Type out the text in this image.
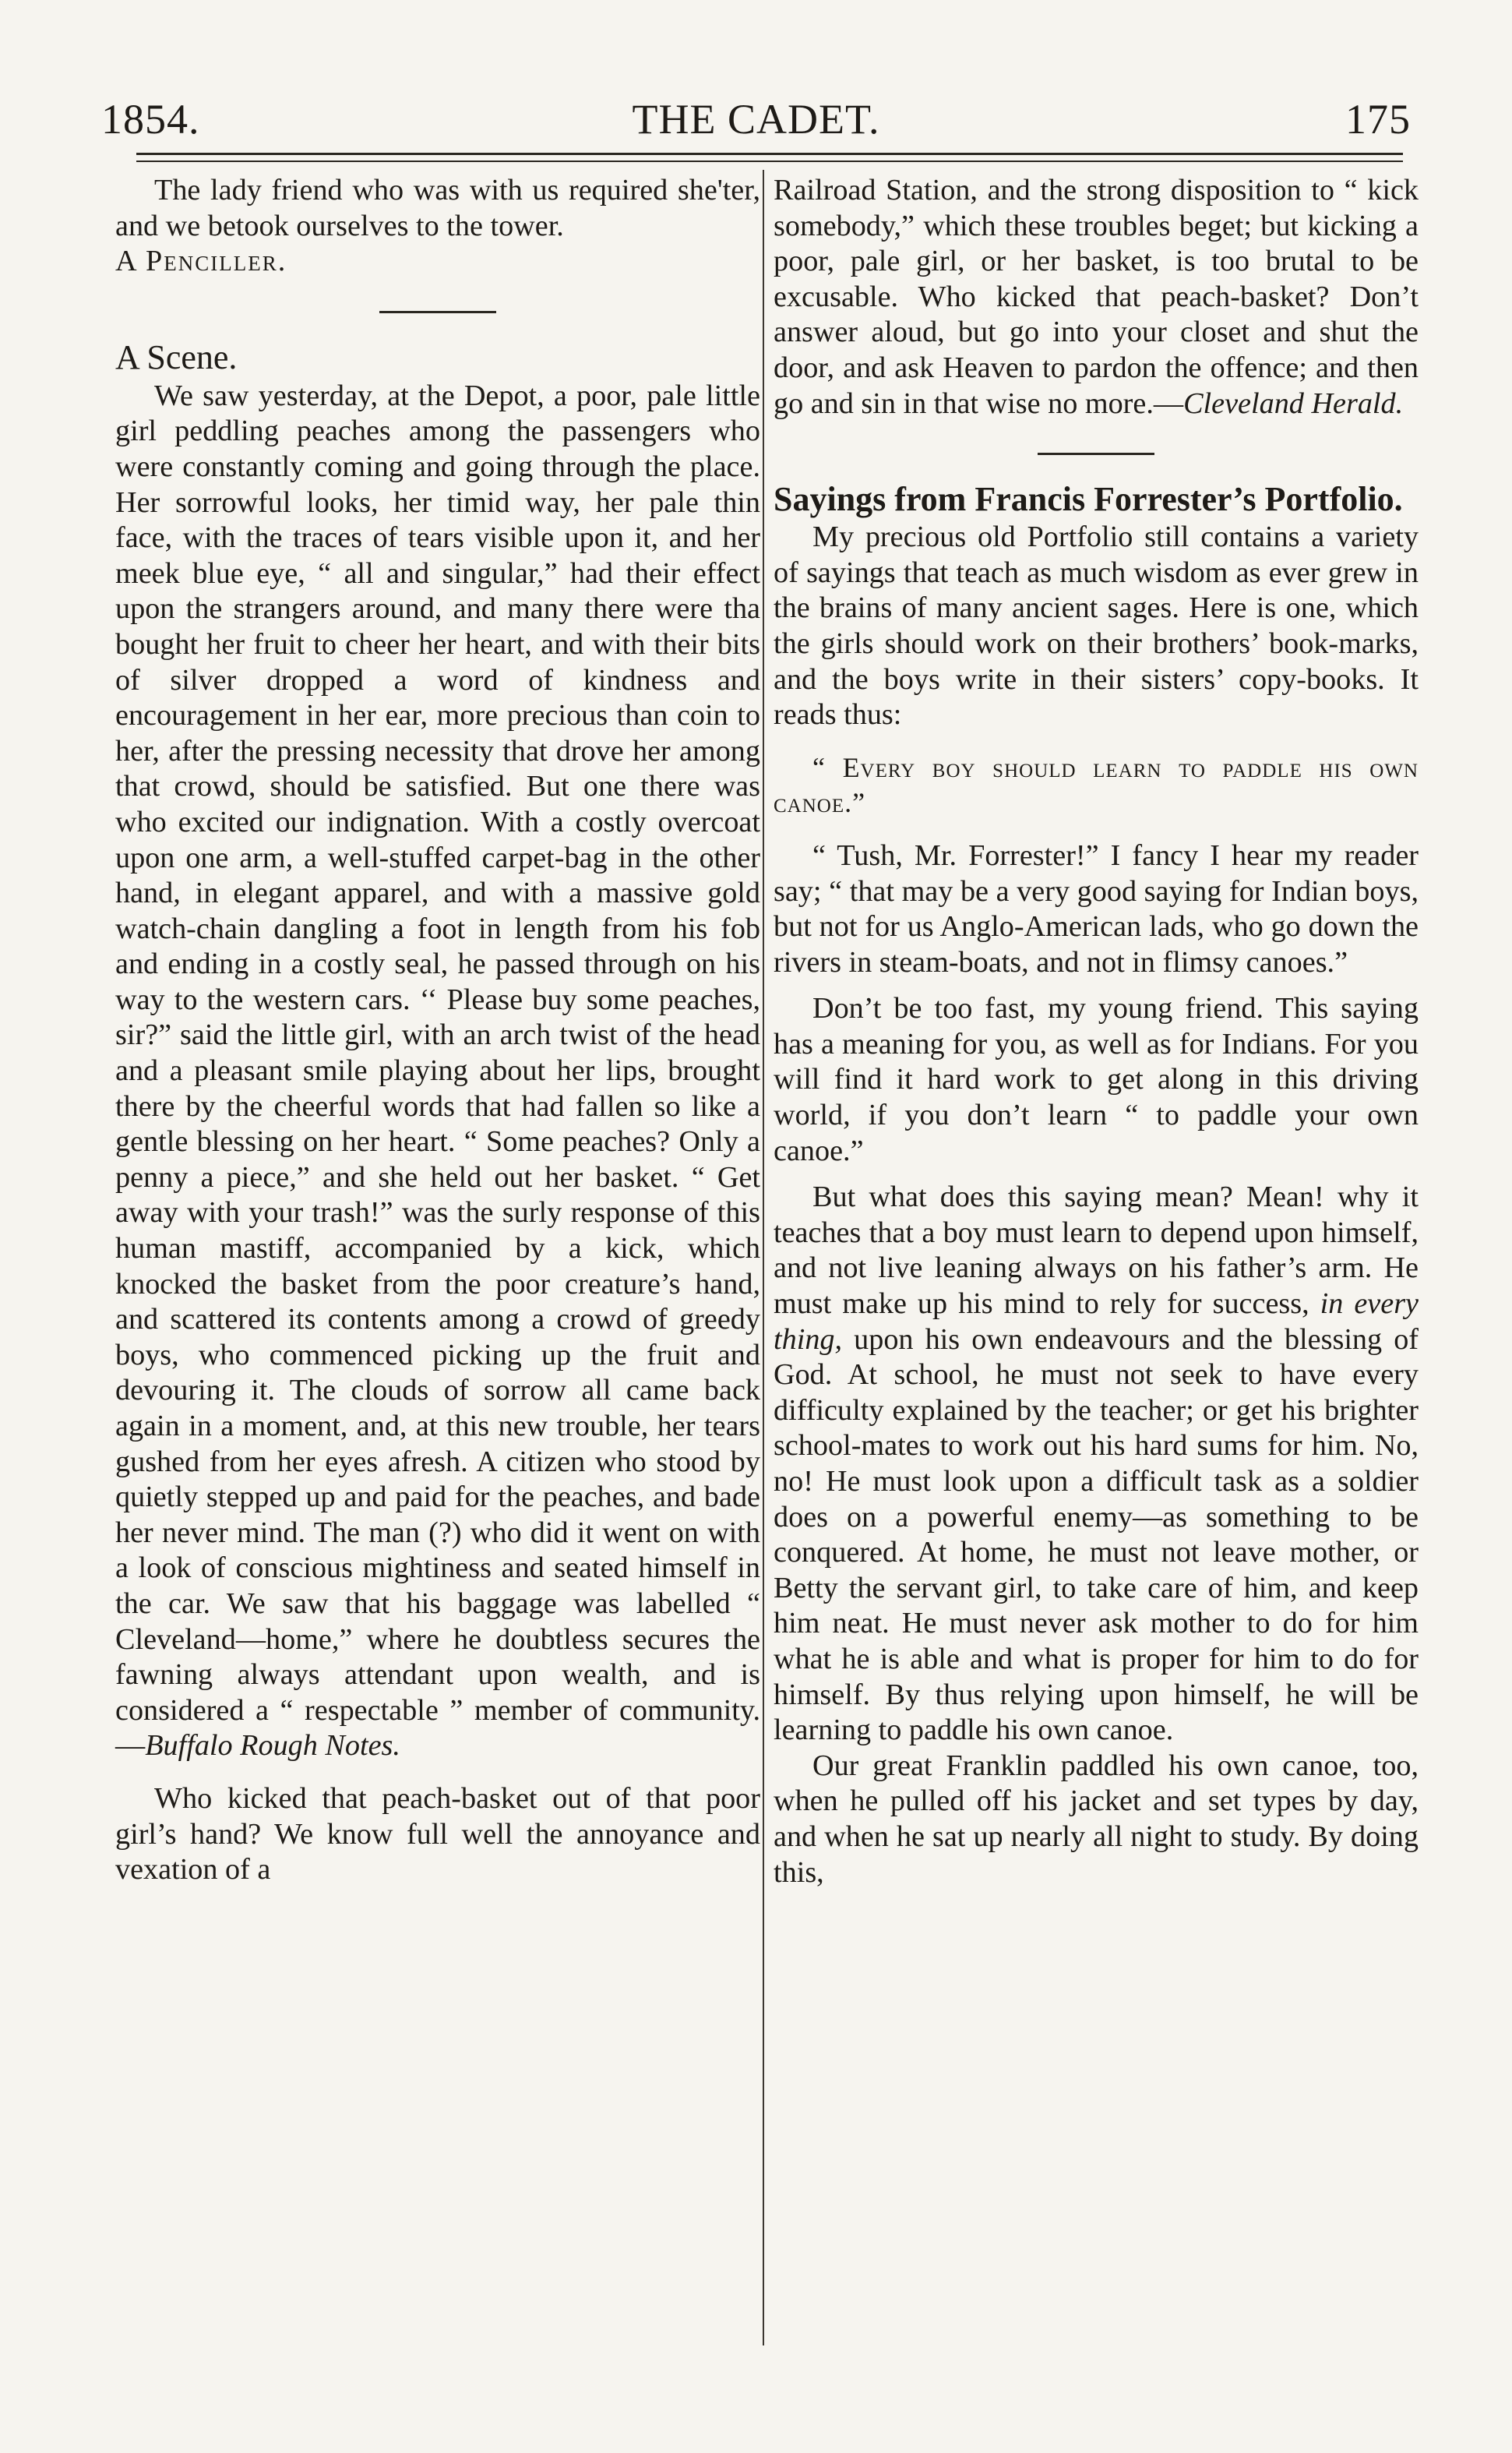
1854.	THE CADET.	175

The lady friend who was with us required she'ter, and we betook ourselves to the tower.

A Penciller.

A Scene.

We saw yesterday, at the Depot, a poor, pale little girl peddling peaches among the passengers who were constantly coming and going through the place. Her sorrowful looks, her timid way, her pale thin face, with the traces of tears visible upon it, and her meek blue eye, “ all and singular,” had their effect upon the strangers around, and many there were tha bought her fruit to cheer her heart, and with their bits of silver dropped a word of kindness and encouragement in her ear, more precious than coin to her, after the pressing necessity that drove her among that crowd, should be satisfied. But one there was who excited our indignation. With a costly overcoat upon one arm, a well-stuffed carpet-bag in the other hand, in elegant apparel, and with a massive gold watch-chain dangling a foot in length from his fob and ending in a costly seal, he passed through on his way to the western cars. ‘‘ Please buy some peaches, sir?” said the little girl, with an arch twist of the head and a pleasant smile playing about her lips, brought there by the cheerful words that had fallen so like a gentle blessing on her heart. “ Some peaches? Only a penny a piece,” and she held out her basket. “ Get away with your trash!” was the surly response of this human mastiff, accompanied by a kick, which knocked the basket from the poor creature’s hand, and scattered its contents among a crowd of greedy boys, who commenced picking up the fruit and devouring it. The clouds of sorrow all came back again in a moment, and, at this new trouble, her tears gushed from her eyes afresh. A citizen who stood by quietly stepped up and paid for the peaches, and bade her never mind. The man (?) who did it went on with a look of conscious mightiness and seated himself in the car. We saw that his baggage was labelled “ Cleveland—home,” where he doubtless secures the fawning always attendant upon wealth, and is considered a “ respectable ” member of community.—Buffalo Rough Notes.

Who kicked that peach-basket out of that poor girl’s hand? We know full well the annoyance and vexation of a

Railroad Station, and the strong disposition to “ kick somebody,” which these troubles beget; but kicking a poor, pale girl, or her basket, is too brutal to be excusable. Who kicked that peach-basket? Don’t answer aloud, but go into your closet and shut the door, and ask Heaven to pardon the offence; and then go and sin in that wise no more.—Cleveland Herald.

Sayings from Francis Forrester’s Portfolio.

My precious old Portfolio still contains a variety of sayings that teach as much wisdom as ever grew in the brains of many ancient sages. Here is one, which the girls should work on their brothers’ book-marks, and the boys write in their sisters’ copy-books. It reads thus:

“ Every boy should learn to paddle his own canoe.”

“ Tush, Mr. Forrester!” I fancy I hear my reader say; “ that may be a very good saying for Indian boys, but not for us Anglo-American lads, who go down the rivers in steam-boats, and not in flimsy canoes.”

Don’t be too fast, my young friend. This saying has a meaning for you, as well as for Indians. For you will find it hard work to get along in this driving world, if you don’t learn “ to paddle your own canoe.”

But what does this saying mean? Mean! why it teaches that a boy must learn to depend upon himself, and not live leaning always on his father’s arm. He must make up his mind to rely for success, in every thing, upon his own endeavours and the blessing of God. At school, he must not seek to have every difficulty explained by the teacher; or get his brighter school-mates to work out his hard sums for him. No, no! He must look upon a difficult task as a soldier does on a powerful enemy—as something to be conquered. At home, he must not leave mother, or Betty the servant girl, to take care of him, and keep him neat. He must never ask mother to do for him what he is able and what is proper for him to do for himself. By thus relying upon himself, he will be learning to paddle his own canoe.

Our great Franklin paddled his own canoe, too, when he pulled off his jacket and set types by day, and when he sat up nearly all night to study. By doing this,
